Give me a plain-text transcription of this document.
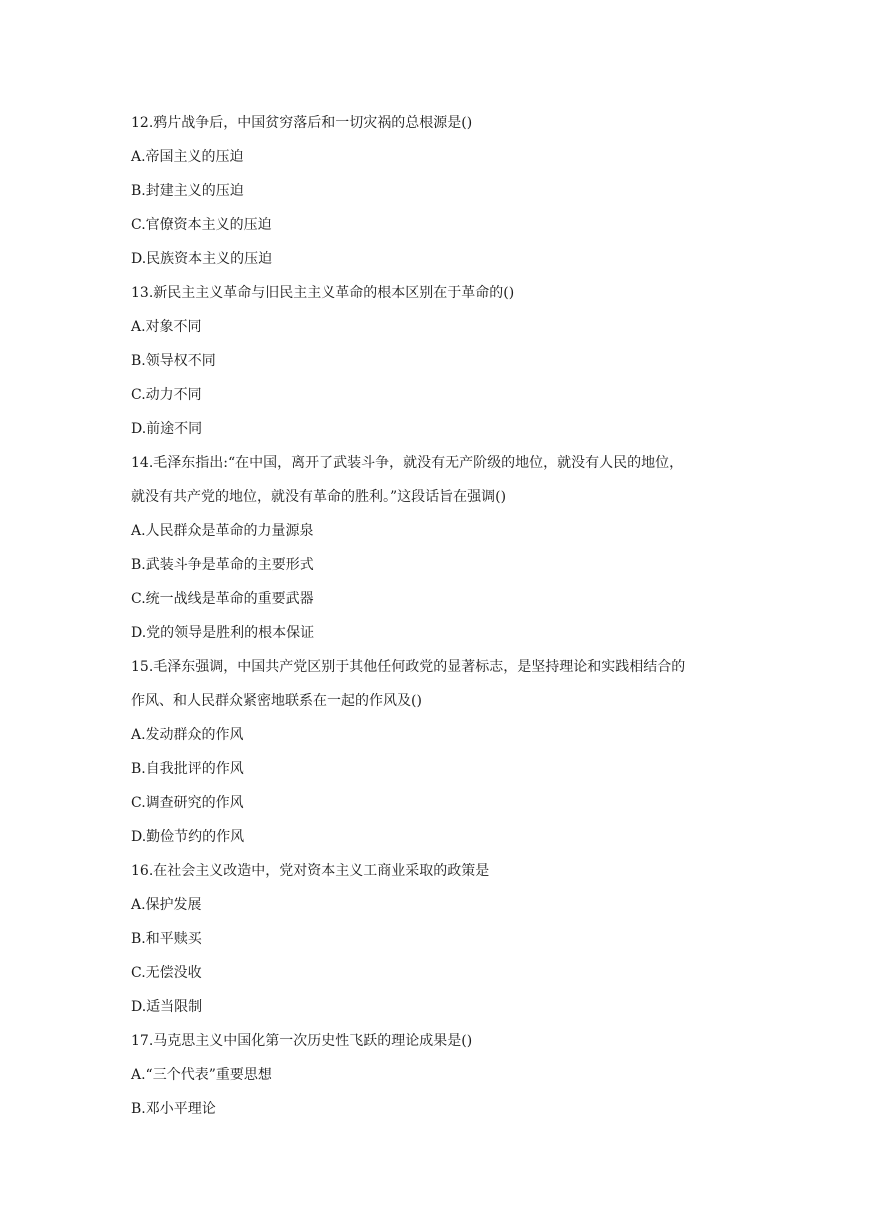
12.鸦片战争后，中国贫穷落后和一切灾祸的总根源是()
A.帝国主义的压迫
B.封建主义的压迫
C.官僚资本主义的压迫
D.民族资本主义的压迫
13.新民主主义革命与旧民主主义革命的根本区别在于革命的()
A.对象不同
B.领导权不同
C.动力不同
D.前途不同
14.毛泽东指出:“在中国，离开了武装斗争，就没有无产阶级的地位，就没有人民的地位，
就没有共产党的地位，就没有革命的胜利。”这段话旨在强调()
A.人民群众是革命的力量源泉
B.武装斗争是革命的主要形式
C.统一战线是革命的重要武器
D.党的领导是胜利的根本保证
15.毛泽东强调，中国共产党区别于其他任何政党的显著标志，是坚持理论和实践相结合的
作风、和人民群众紧密地联系在一起的作风及()
A.发动群众的作风
B.自我批评的作风
C.调查研究的作风
D.勤俭节约的作风
16.在社会主义改造中，党对资本主义工商业采取的政策是
A.保护发展
B.和平赎买
C.无偿没收
D.适当限制
17.马克思主义中国化第一次历史性飞跃的理论成果是()
A.“三个代表”重要思想
B.邓小平理论
